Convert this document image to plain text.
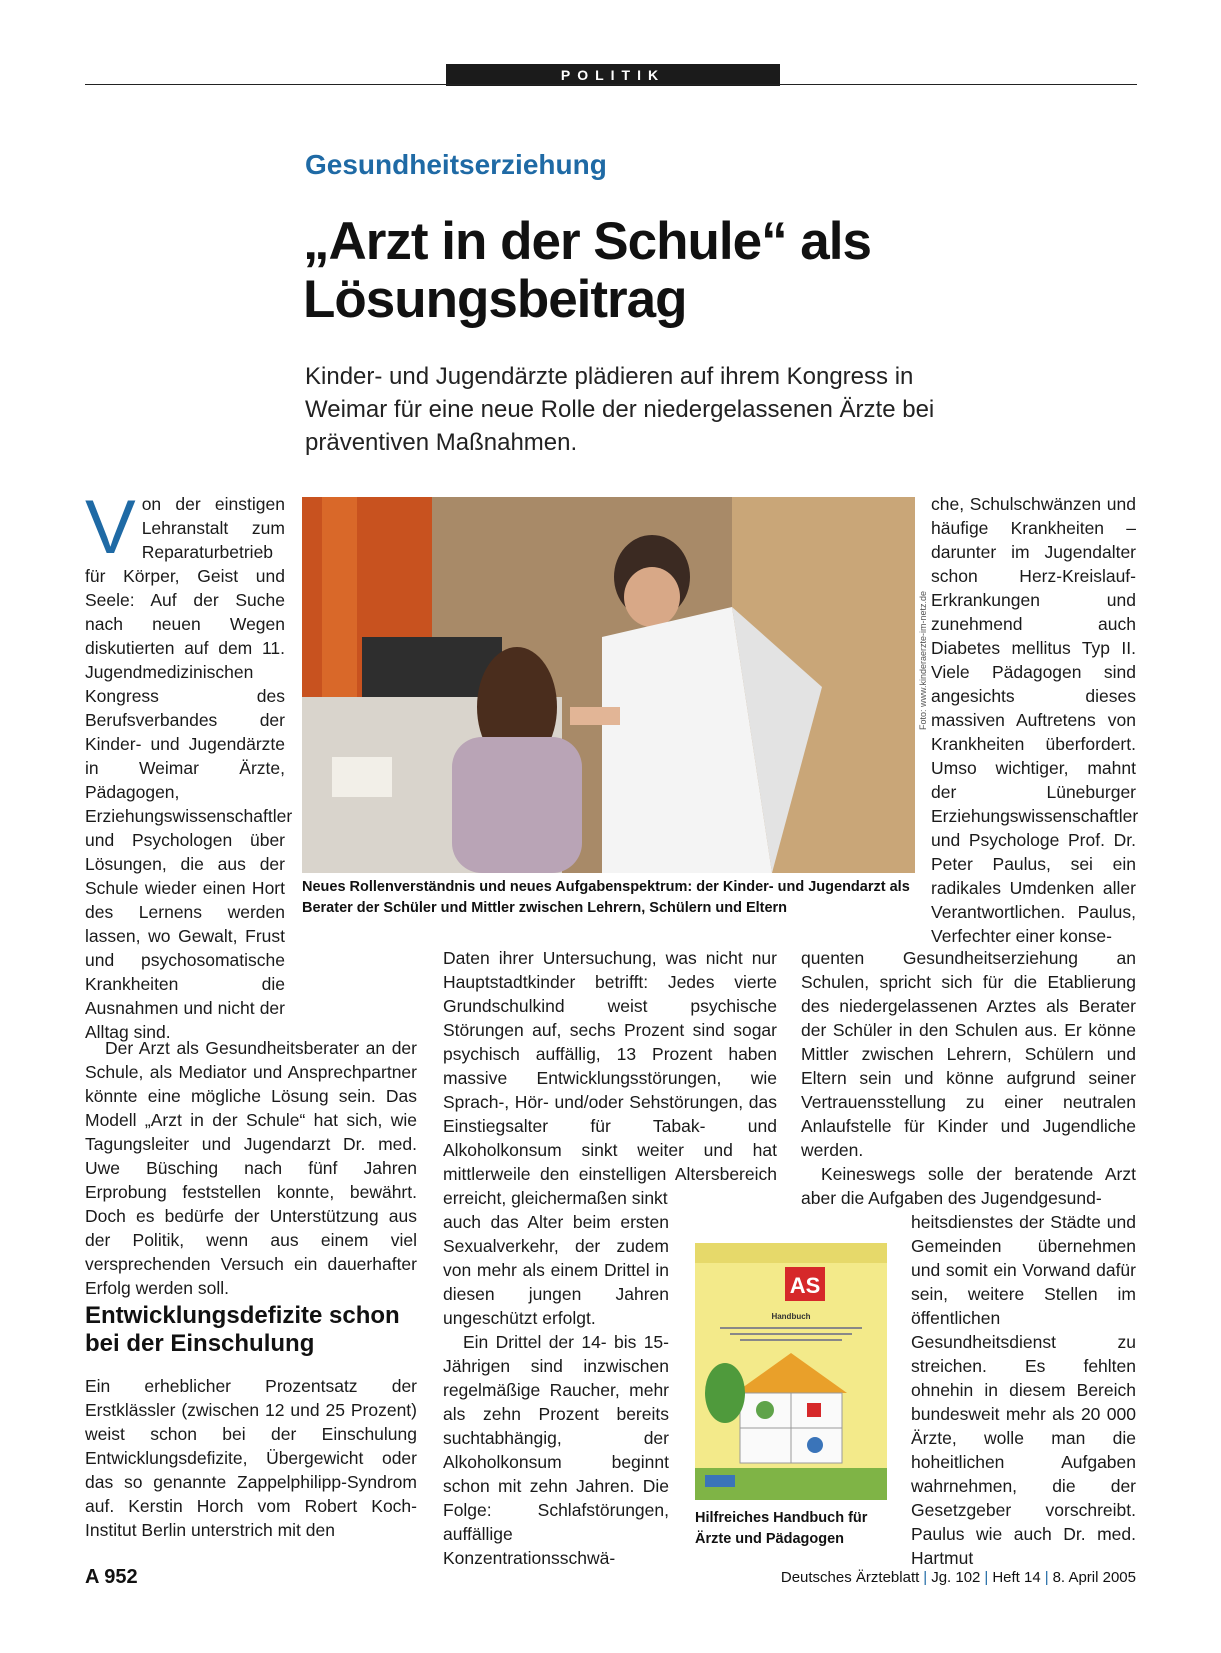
POLITIK
Gesundheitserziehung
„Arzt in der Schule“ als Lösungsbeitrag
Kinder- und Jugendärzte plädieren auf ihrem Kongress in Weimar für eine neue Rolle der niedergelassenen Ärzte bei präventiven Maßnahmen.

Von der einstigen Lehranstalt zum Reparaturbetrieb für Körper, Geist und Seele: Auf der Suche nach neuen Wegen diskutierten auf dem 11. Jugendmedizinischen Kongress des Berufsverbandes der Kinder- und Jugendärzte in Weimar Ärzte, Pädagogen, Erziehungswissenschaftler und Psychologen über Lösungen, die aus der Schule wieder einen Hort des Lernens werden lassen, wo Gewalt, Frust und psychosomatische Krankheiten die Ausnahmen und nicht der Alltag sind.

Der Arzt als Gesundheitsberater an der Schule, als Mediator und Ansprechpartner könnte eine mögliche Lösung sein. Das Modell „Arzt in der Schule“ hat sich, wie Tagungsleiter und Jugendarzt Dr. med. Uwe Büsching nach fünf Jahren Erprobung feststellen konnte, bewährt. Doch es bedürfe der Unterstützung aus der Politik, wenn aus einem viel versprechenden Versuch ein dauerhafter Erfolg werden soll.

Entwicklungsdefizite schon bei der Einschulung

Ein erheblicher Prozentsatz der Erstklässler (zwischen 12 und 25 Prozent) weist schon bei der Einschulung Entwicklungsdefizite, Übergewicht oder das so genannte Zappelphilipp-Syndrom auf. Kerstin Horch vom Robert Koch-Institut Berlin unterstrich mit den

Foto: www.kinderaerzte-im-netz.de
Neues Rollenverständnis und neues Aufgabenspektrum: der Kinder- und Jugendarzt als Berater der Schüler und Mittler zwischen Lehrern, Schülern und Eltern

Daten ihrer Untersuchung, was nicht nur Hauptstadtkinder betrifft: Jedes vierte Grundschulkind weist psychische Störungen auf, sechs Prozent sind sogar psychisch auffällig, 13 Prozent haben massive Entwicklungsstörungen, wie Sprach-, Hör- und/oder Sehstörungen, das Einstiegsalter für Tabak- und Alkoholkonsum sinkt weiter und hat mittlerweile den einstelligen Altersbereich erreicht, gleichermaßen sinkt

auch das Alter beim ersten Sexualverkehr, der zudem von mehr als einem Drittel in diesen jungen Jahren ungeschützt erfolgt.

Ein Drittel der 14- bis 15-Jährigen sind inzwischen regelmäßige Raucher, mehr als zehn Prozent bereits suchtabhängig, der Alkoholkonsum beginnt schon mit zehn Jahren. Die Folge: Schlafstörungen, auffällige Konzentrationsschwä-

AS
Handbuch
Hilfreiches Handbuch für Ärzte und Pädagogen

che, Schulschwänzen und häufige Krankheiten – darunter im Jugendalter schon Herz-Kreislauf-Erkrankungen und zunehmend auch Diabetes mellitus Typ II. Viele Pädagogen sind angesichts dieses massiven Auftretens von Krankheiten überfordert. Umso wichtiger, mahnt der Lüneburger Erziehungswissenschaftler und Psychologe Prof. Dr. Peter Paulus, sei ein radikales Umdenken aller Verantwortlichen. Paulus, Verfechter einer konse-

quenten Gesundheitserziehung an Schulen, spricht sich für die Etablierung des niedergelassenen Arztes als Berater der Schüler in den Schulen aus. Er könne Mittler zwischen Lehrern, Schülern und Eltern sein und könne aufgrund seiner Vertrauensstellung zu einer neutralen Anlaufstelle für Kinder und Jugendliche werden.

Keineswegs solle der beratende Arzt aber die Aufgaben des Jugendgesund-

heitsdienstes der Städte und Gemeinden übernehmen und somit ein Vorwand dafür sein, weitere Stellen im öffentlichen Gesundheitsdienst zu streichen. Es fehlten ohnehin in diesem Bereich bundesweit mehr als 20 000 Ärzte, wolle man die hoheitlichen Aufgaben wahrnehmen, die der Gesetzgeber vorschreibt. Paulus wie auch Dr. med. Hartmut

A 952	Deutsches Ärzteblatt | Jg. 102 | Heft 14 | 8. April 2005
